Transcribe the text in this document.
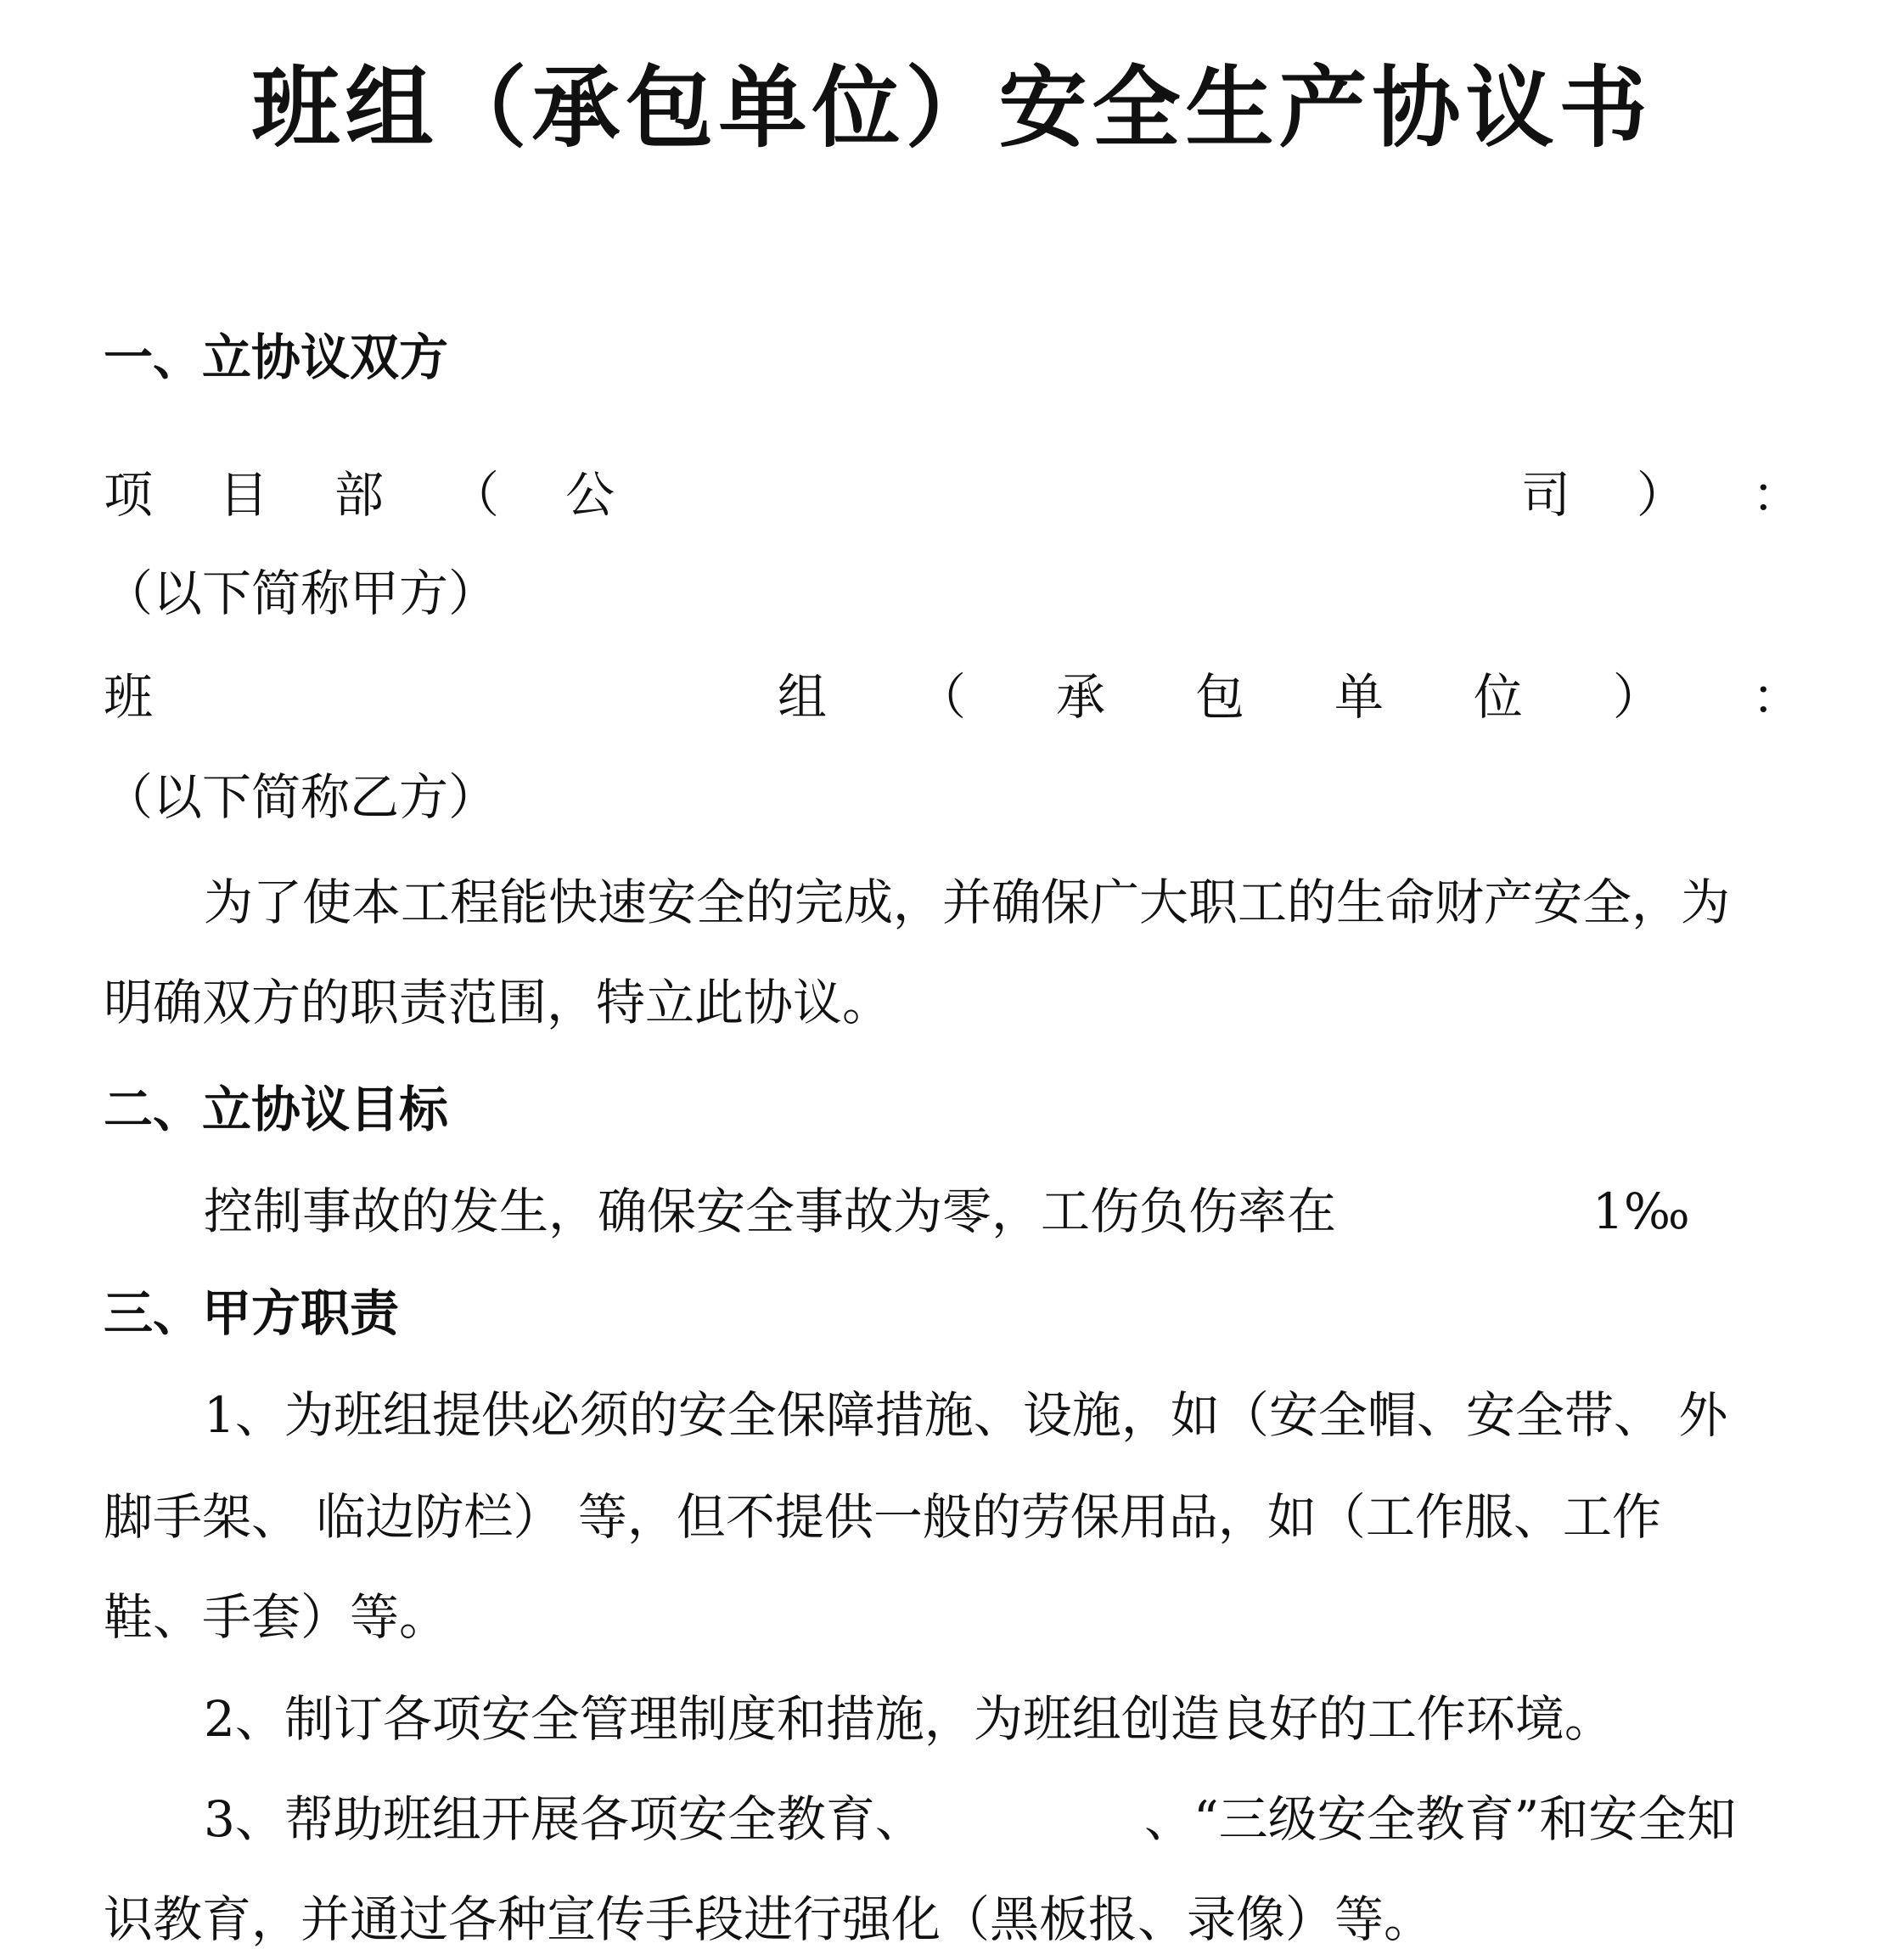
班组（承包单位）安全生产协议书
一、立协议双方
项 目 部 （ 公	司 ） ：
（以下简称甲方）
班	组 （ 承 包 单 位 ） ：
（以下简称乙方）
为了使本工程能快速安全的完成，并确保广大职工的生命财产安全，为
明确双方的职责范围，特立此协议。
二、立协议目标
控制事故的发生，确保安全事故为零，工伤负伤率在	1‰
三、甲方职责
1、为班组提供必须的安全保障措施、设施，如（安全帽、安全带、 外
脚手架、 临边防栏） 等，但不提供一般的劳保用品，如（工作服、工作
鞋、手套）等。
2、制订各项安全管理制度和措施，为班组创造良好的工作环境。
3、帮助班组开展各项安全教育、	、“三级安全教育”和安全知
识教育，并通过各种宣传手段进行强化（黑板报、录像）等。
